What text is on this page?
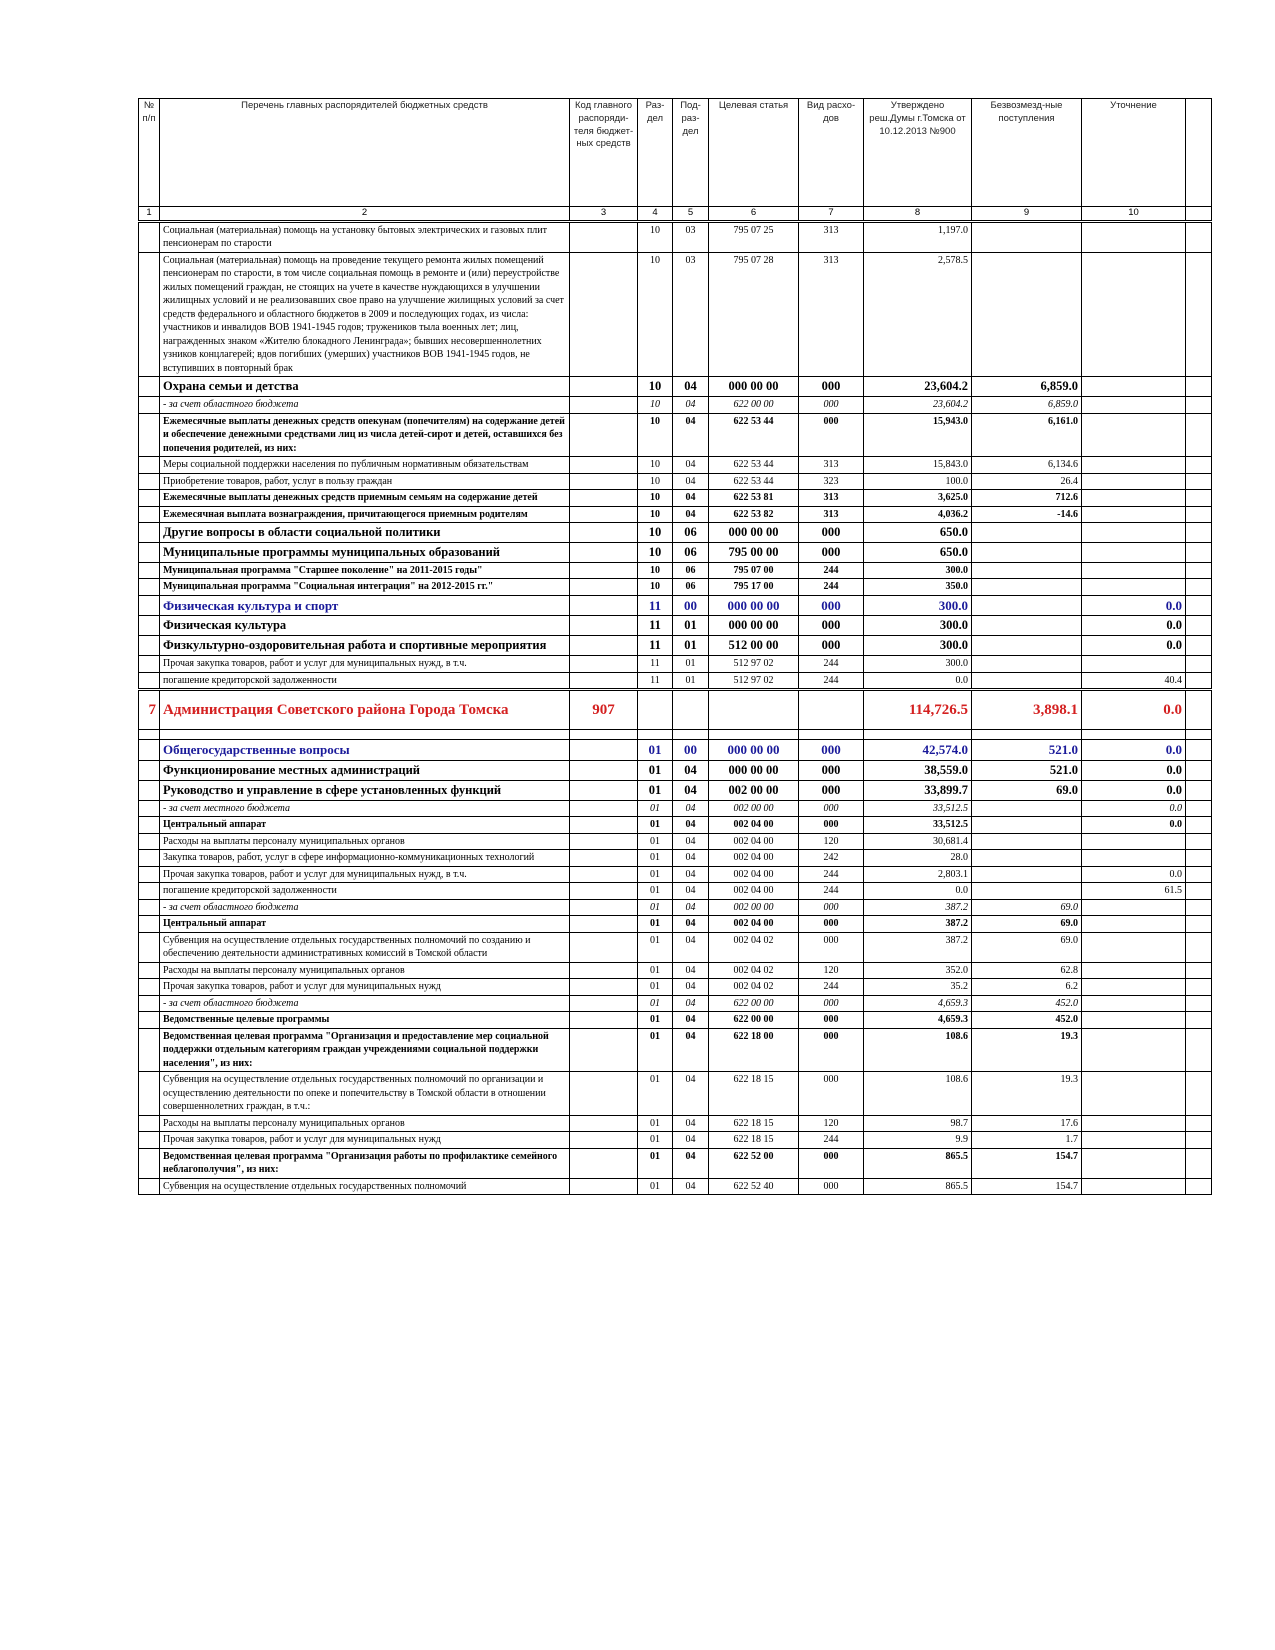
№ п/п	Перечень главных распорядителей бюджетных средств	Код главного распоряди-теля бюджет-ных средств	Раз-дел	Под-раз-дел	Целевая статья	Вид расхо-дов	Утверждено реш.Думы г.Томска от 10.12.2013 №900	Безвозмезд-ные поступления	Уточнение	
1	2	3	4	5	6	7	8	9	10	
	Социальная (материальная) помощь на установку бытовых электрических и газовых плит пенсионерам по старости		10	03	795 07 25	313	1,197.0			
	Социальная (материальная) помощь на проведение текущего ремонта жилых помещений пенсионерам по старости, в том числе социальная помощь в ремонте и (или) переустройстве жилых помещений граждан, не стоящих на учете в качестве нуждающихся в улучшении жилищных условий и не реализовавших свое право на улучшение жилищных условий за счет средств федерального и областного бюджетов в 2009 и последующих годах, из числа: участников и инвалидов ВОВ 1941-1945 годов; тружеников тыла военных лет; лиц, награжденных знаком «Жителю блокадного Ленинграда»; бывших несовершеннолетних узников концлагерей; вдов погибших (умерших) участников ВОВ 1941-1945 годов, не вступивших в повторный брак		10	03	795 07 28	313	2,578.5			
	Охрана семьи и детства		10	04	000 00 00	000	23,604.2	6,859.0		
	- за счет областного бюджета		10	04	622 00 00	000	23,604.2	6,859.0		
	Ежемесячные выплаты денежных средств опекунам (попечителям) на содержание детей и обеспечение денежными средствами лиц из числа детей-сирот и детей, оставшихся без попечения родителей, из них:		10	04	622 53 44	000	15,943.0	6,161.0		
	Меры социальной поддержки населения по публичным нормативным обязательствам		10	04	622 53 44	313	15,843.0	6,134.6		
	Приобретение товаров, работ, услуг в пользу граждан		10	04	622 53 44	323	100.0	26.4		
	Ежемесячные выплаты денежных средств приемным семьям на содержание детей		10	04	622 53 81	313	3,625.0	712.6		
	Ежемесячная выплата вознаграждения, причитающегося приемным родителям		10	04	622 53 82	313	4,036.2	-14.6		
	Другие вопросы в области социальной политики		10	06	000 00 00	000	650.0			
	Муниципальные программы муниципальных образований		10	06	795 00 00	000	650.0			
	Муниципальная программа "Старшее поколение" на 2011-2015 годы"		10	06	795 07 00	244	300.0			
	Муниципальная программа "Социальная интеграция" на 2012-2015 гг."		10	06	795 17 00	244	350.0			
	Физическая культура и спорт		11	00	000 00 00	000	300.0		0.0	
	Физическая культура		11	01	000 00 00	000	300.0		0.0	
	Физкультурно-оздоровительная работа и спортивные мероприятия		11	01	512 00 00	000	300.0		0.0	
	Прочая закупка товаров, работ и услуг для муниципальных нужд, в т.ч.		11	01	512 97 02	244	300.0			
	погашение кредиторской задолженности		11	01	512 97 02	244	0.0		40.4	
7	Администрация Советского района Города Томска	907					114,726.5	3,898.1	0.0	

	Общегосударственные вопросы		01	00	000 00 00	000	42,574.0	521.0	0.0	
	Функционирование местных администраций		01	04	000 00 00	000	38,559.0	521.0	0.0	
	Руководство и управление в сфере установленных функций		01	04	002 00 00	000	33,899.7	69.0	0.0	
	- за счет местного бюджета		01	04	002 00 00	000	33,512.5		0.0	
	Центральный аппарат		01	04	002 04 00	000	33,512.5		0.0	
	Расходы на выплаты персоналу муниципальных органов		01	04	002 04 00	120	30,681.4			
	Закупка товаров, работ, услуг в сфере информационно-коммуникационных технологий		01	04	002 04 00	242	28.0			
	Прочая закупка товаров, работ и услуг для муниципальных нужд, в т.ч.		01	04	002 04 00	244	2,803.1		0.0	
	погашение кредиторской задолженности		01	04	002 04 00	244	0.0		61.5	
	- за счет областного бюджета		01	04	002 00 00	000	387.2	69.0		
	Центральный аппарат		01	04	002 04 00	000	387.2	69.0		
	Субвенция на осуществление отдельных государственных полномочий по созданию и обеспечению деятельности административных комиссий в Томской области		01	04	002 04 02	000	387.2	69.0		
	Расходы на выплаты персоналу муниципальных органов		01	04	002 04 02	120	352.0	62.8		
	Прочая закупка товаров, работ и услуг для муниципальных нужд		01	04	002 04 02	244	35.2	6.2		
	- за счет областного бюджета		01	04	622 00 00	000	4,659.3	452.0		
	Ведомственные целевые программы		01	04	622 00 00	000	4,659.3	452.0		
	Ведомственная целевая программа "Организация и предоставление мер социальной поддержки отдельным категориям граждан учреждениями социальной поддержки населения", из них:		01	04	622 18 00	000	108.6	19.3		
	Субвенция на осуществление отдельных государственных полномочий по организации и осуществлению деятельности по опеке и попечительству в Томской области в отношении совершеннолетних граждан, в т.ч.:		01	04	622 18 15	000	108.6	19.3		
	Расходы на выплаты персоналу муниципальных органов		01	04	622 18 15	120	98.7	17.6		
	Прочая закупка товаров, работ и услуг для муниципальных нужд		01	04	622 18 15	244	9.9	1.7		
	Ведомственная целевая программа "Организация работы по профилактике семейного неблагополучия", из них:		01	04	622 52 00	000	865.5	154.7		
	Субвенция на осуществление отдельных государственных полномочий		01	04	622 52 40	000	865.5	154.7		
